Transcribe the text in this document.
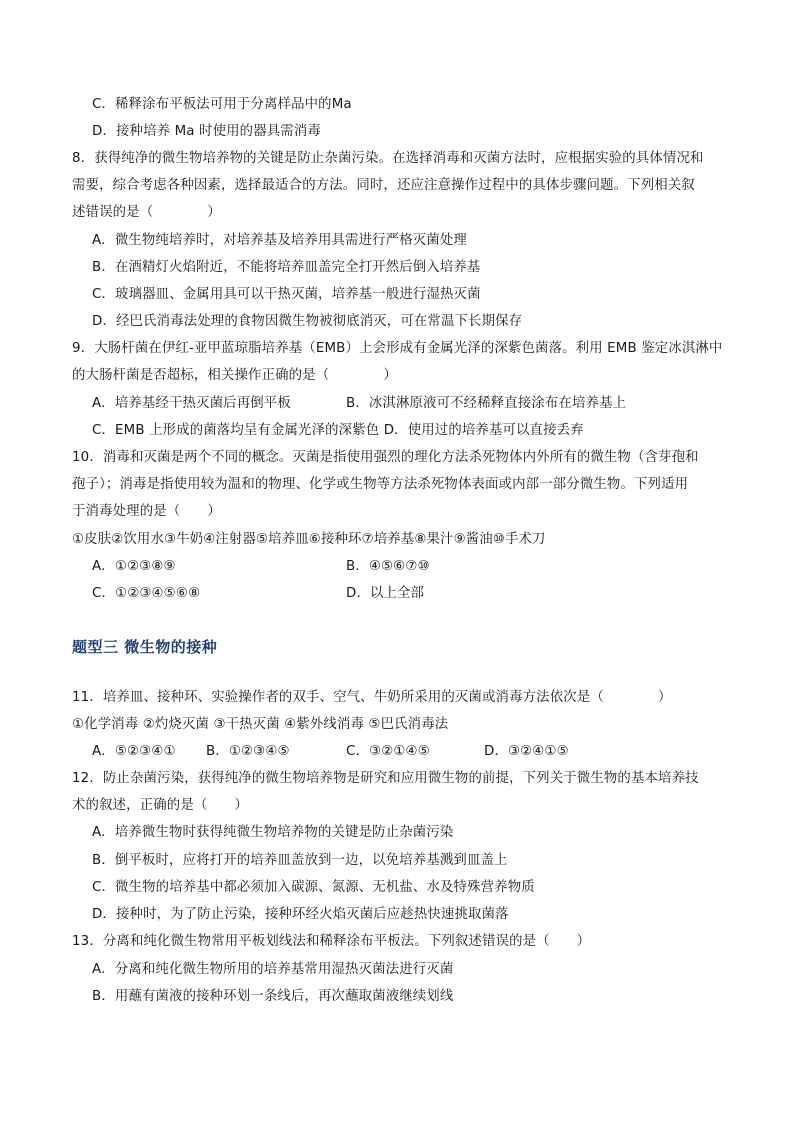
C．稀释涂布平板法可用于分离样品中的Ma
D．接种培养 Ma 时使用的器具需消毒
8．获得纯净的微生物培养物的关键是防止杂菌污染。在选择消毒和灭菌方法时，应根据实验的具体情况和
需要，综合考虑各种因素，选择最适合的方法。同时，还应注意操作过程中的具体步骤问题。下列相关叙
述错误的是（　　　　）
A．微生物纯培养时，对培养基及培养用具需进行严格灭菌处理
B．在酒精灯火焰附近，不能将培养皿盖完全打开然后倒入培养基
C．玻璃器皿、金属用具可以干热灭菌，培养基一般进行湿热灭菌
D．经巴氏消毒法处理的食物因微生物被彻底消灭，可在常温下长期保存
9．大肠杆菌在伊红-亚甲蓝琼脂培养基（EMB）上会形成有金属光泽的深紫色菌落。利用 EMB 鉴定冰淇淋中
的大肠杆菌是否超标，相关操作正确的是（　　　　）
A．培养基经干热灭菌后再倒平板	B．冰淇淋原液可不经稀释直接涂布在培养基上
C．EMB 上形成的菌落均呈有金属光泽的深紫色 D．使用过的培养基可以直接丢弃
10．消毒和灭菌是两个不同的概念。灭菌是指使用强烈的理化方法杀死物体内外所有的微生物（含芽孢和
孢子）；消毒是指使用较为温和的物理、化学或生物等方法杀死物体表面或内部一部分微生物。下列适用
于消毒处理的是（　　）
①皮肤②饮用水③牛奶④注射器⑤培养皿⑥接种环⑦培养基⑧果汁⑨酱油⑩手术刀
A．①②③⑧⑨	B．④⑤⑥⑦⑩
C．①②③④⑤⑥⑧	D．以上全部
题型三 微生物的接种
11．培养皿、接种环、实验操作者的双手、空气、牛奶所采用的灭菌或消毒方法依次是（　　　　）
①化学消毒 ②灼烧灭菌 ③干热灭菌 ④紫外线消毒 ⑤巴氏消毒法
A．⑤②③④① B．①②③④⑤	C．③②①④⑤	D．③②④①⑤
12．防止杂菌污染，获得纯净的微生物培养物是研究和应用微生物的前提，下列关于微生物的基本培养技
术的叙述，正确的是（　　）
A．培养微生物时获得纯微生物培养物的关键是防止杂菌污染
B．倒平板时，应将打开的培养皿盖放到一边，以免培养基溅到皿盖上
C．微生物的培养基中都必须加入碳源、氮源、无机盐、水及特殊营养物质
D．接种时，为了防止污染，接种环经火焰灭菌后应趁热快速挑取菌落
13．分离和纯化微生物常用平板划线法和稀释涂布平板法。下列叙述错误的是（　　）
A．分离和纯化微生物所用的培养基常用湿热灭菌法进行灭菌
B．用蘸有菌液的接种环划一条线后，再次蘸取菌液继续划线
